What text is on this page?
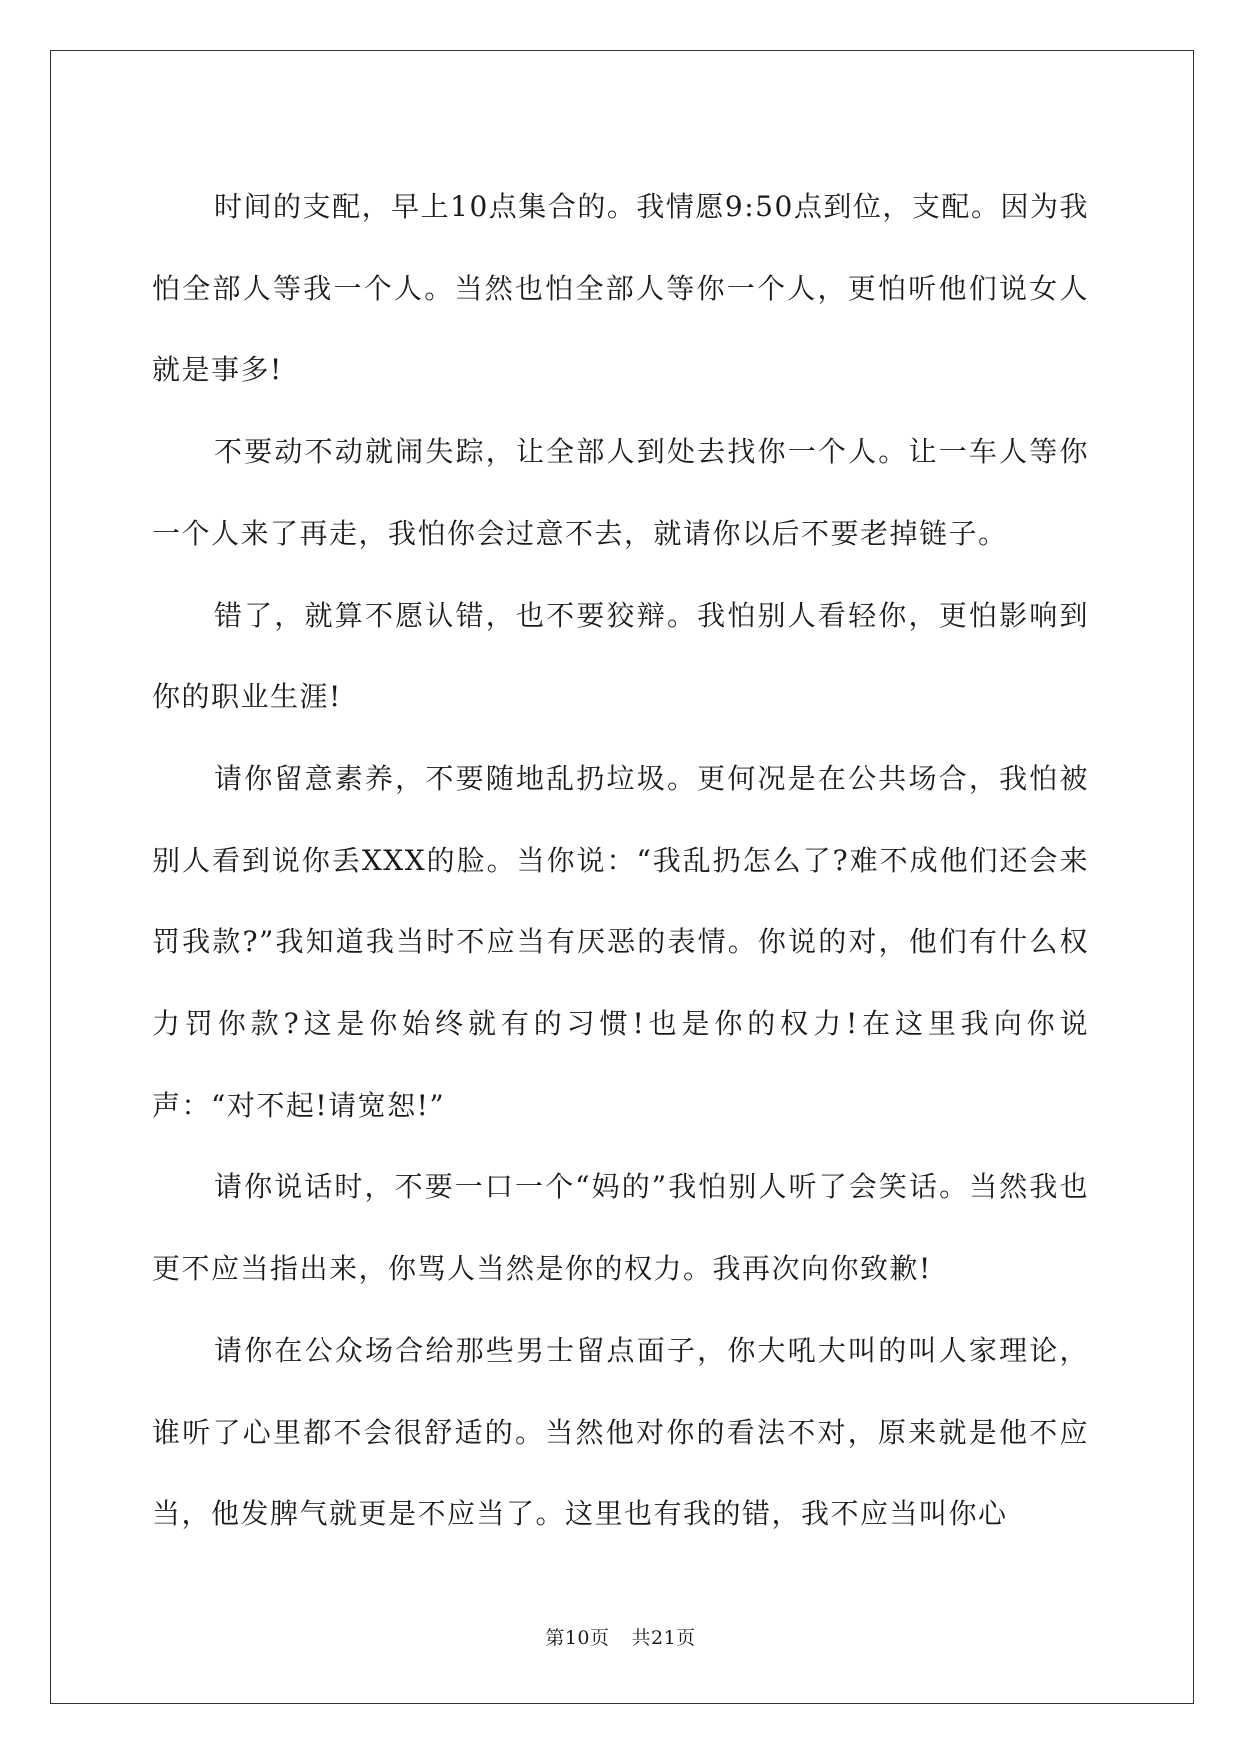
时间的支配，早上10点集合的。我情愿9:50点到位，支配。因为我怕全部人等我一个人。当然也怕全部人等你一个人，更怕听他们说女人就是事多!

不要动不动就闹失踪，让全部人到处去找你一个人。让一车人等你一个人来了再走，我怕你会过意不去，就请你以后不要老掉链子。

错了，就算不愿认错，也不要狡辩。我怕别人看轻你，更怕影响到你的职业生涯!

请你留意素养，不要随地乱扔垃圾。更何况是在公共场合，我怕被别人看到说你丢XXX的脸。当你说：“我乱扔怎么了?难不成他们还会来罚我款?”我知道我当时不应当有厌恶的表情。你说的对，他们有什么权力罚你款?这是你始终就有的习惯!也是你的权力!在这里我向你说声：“对不起!请宽恕!”

请你说话时，不要一口一个“妈的”我怕别人听了会笑话。当然我也更不应当指出来，你骂人当然是你的权力。我再次向你致歉!

请你在公众场合给那些男士留点面子，你大吼大叫的叫人家理论，谁听了心里都不会很舒适的。当然他对你的看法不对，原来就是他不应当，他发脾气就更是不应当了。这里也有我的错，我不应当叫你心

第10页 共21页
